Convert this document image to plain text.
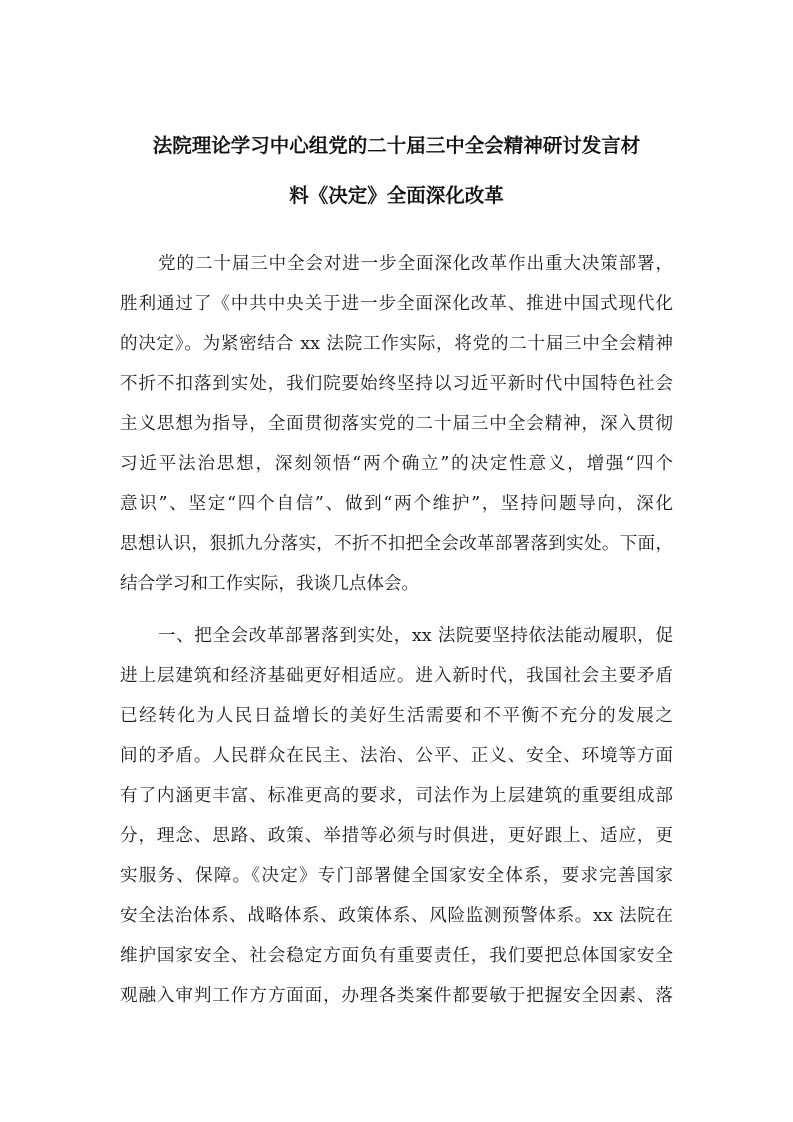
法院理论学习中心组党的二十届三中全会精神研讨发言材
料《决定》全面深化改革

党的二十届三中全会对进一步全面深化改革作出重大决策部署，

胜利通过了《中共中央关于进一步全面深化改革、推进中国式现代化

的决定》。为紧密结合 xx 法院工作实际，将党的二十届三中全会精神

不折不扣落到实处，我们院要始终坚持以习近平新时代中国特色社会

主义思想为指导，全面贯彻落实党的二十届三中全会精神，深入贯彻

习近平法治思想，深刻领悟“两个确立”的决定性意义，增强“四个

意识”、坚定“四个自信”、做到“两个维护”，坚持问题导向，深化

思想认识，狠抓九分落实，不折不扣把全会改革部署落到实处。下面，

结合学习和工作实际，我谈几点体会。

一、把全会改革部署落到实处，xx 法院要坚持依法能动履职，促

进上层建筑和经济基础更好相适应。进入新时代，我国社会主要矛盾

已经转化为人民日益增长的美好生活需要和不平衡不充分的发展之

间的矛盾。人民群众在民主、法治、公平、正义、安全、环境等方面

有了内涵更丰富、标准更高的要求，司法作为上层建筑的重要组成部

分，理念、思路、政策、举措等必须与时俱进，更好跟上、适应，更

实服务、保障。《决定》专门部署健全国家安全体系，要求完善国家

安全法治体系、战略体系、政策体系、风险监测预警体系。xx 法院在

维护国家安全、社会稳定方面负有重要责任，我们要把总体国家安全

观融入审判工作方方面面，办理各类案件都要敏于把握安全因素、落
